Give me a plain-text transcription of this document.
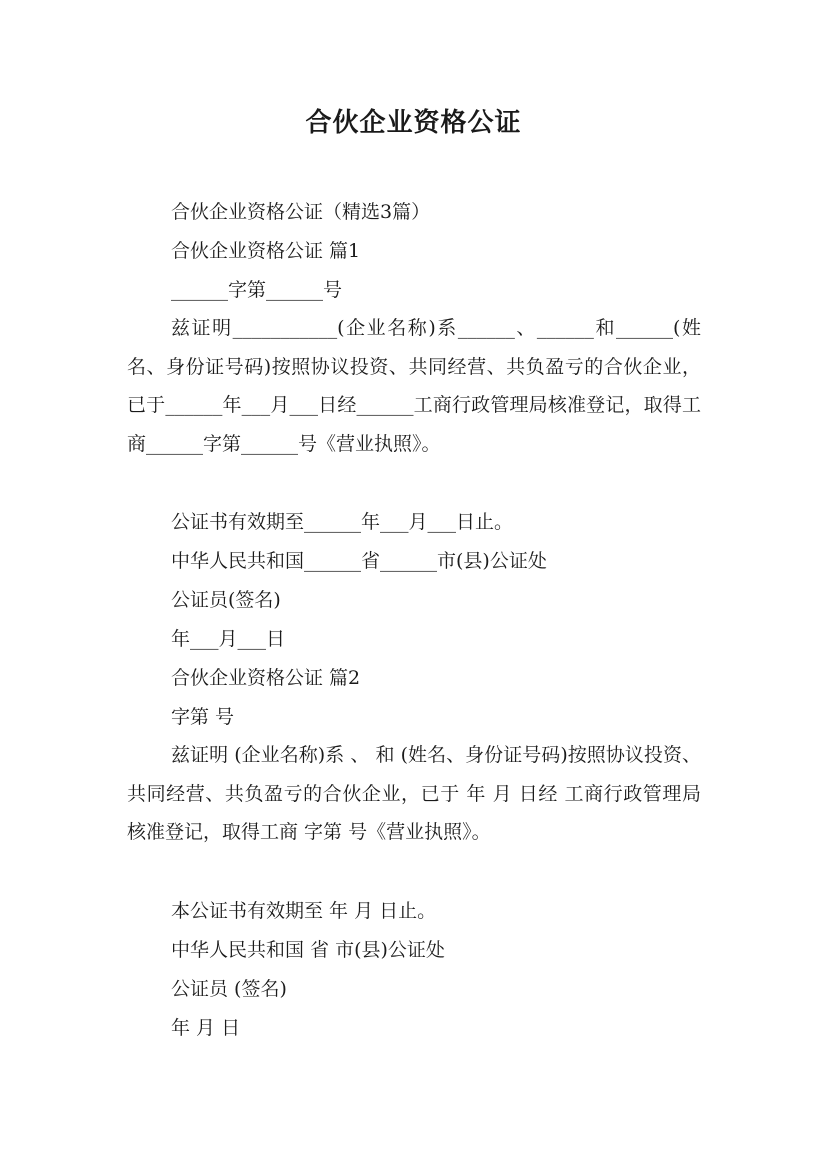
合伙企业资格公证
合伙企业资格公证（精选3篇）
合伙企业资格公证 篇1
______字第______号
兹证明___________(企业名称)系______、______和______(姓名、身份证号码)按照协议投资、共同经营、共负盈亏的合伙企业，已于______年___月___日经______工商行政管理局核准登记，取得工商______字第______号《营业执照》。
公证书有效期至______年___月___日止。
中华人民共和国______省______市(县)公证处
公证员(签名)
年___月___日
合伙企业资格公证 篇2
字第 号
兹证明 (企业名称)系 、 和 (姓名、身份证号码)按照协议投资、共同经营、共负盈亏的合伙企业，已于 年 月 日经 工商行政管理局核准登记，取得工商 字第 号《营业执照》。
本公证书有效期至 年 月 日止。
中华人民共和国 省 市(县)公证处
公证员 (签名)
年 月 日
